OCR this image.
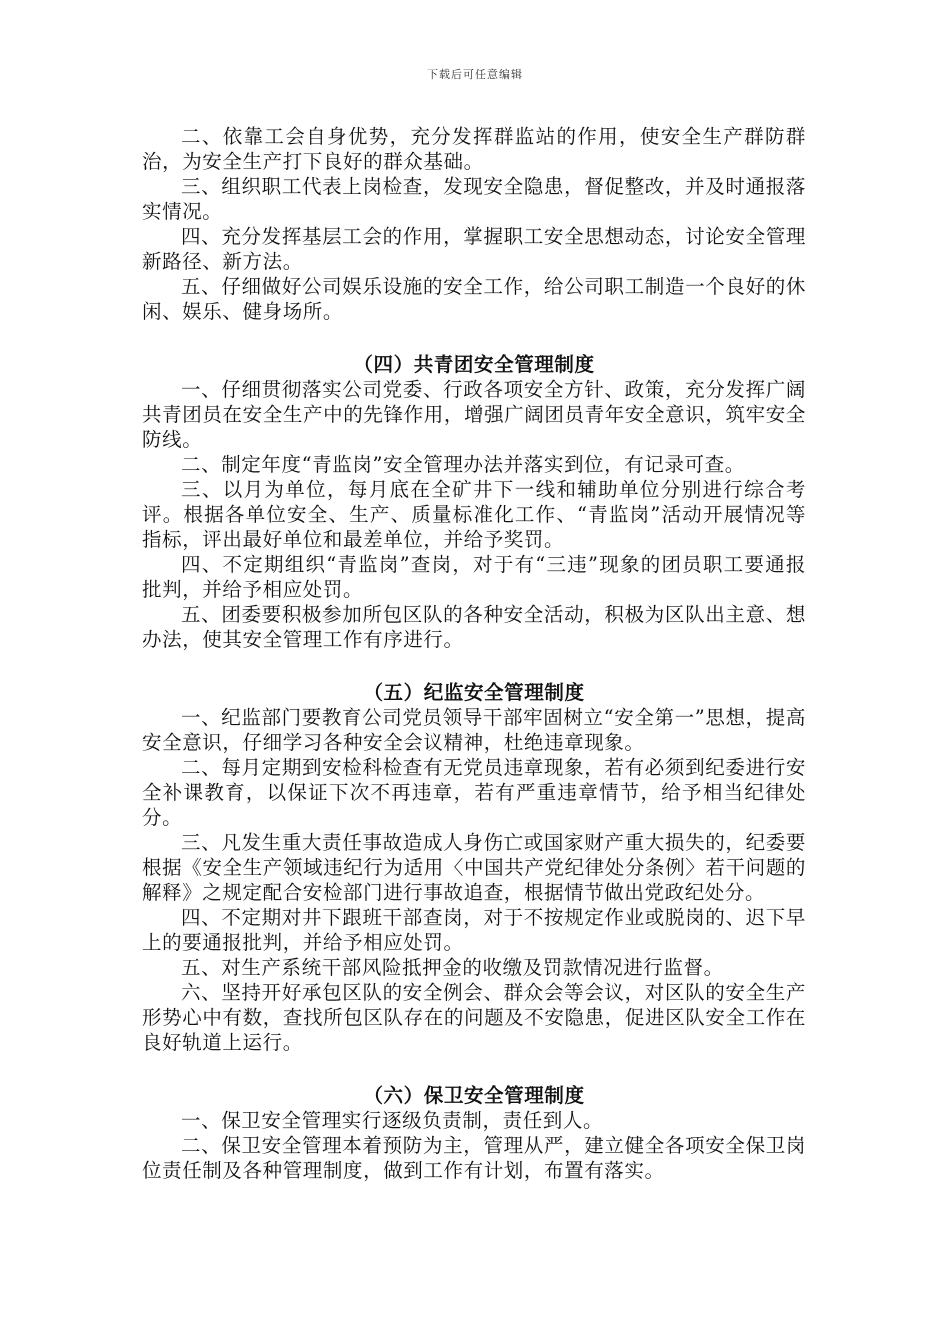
下载后可任意编辑

二、依靠工会自身优势，充分发挥群监站的作用，使安全生产群防群治，为安全生产打下良好的群众基础。

三、组织职工代表上岗检查，发现安全隐患，督促整改，并及时通报落实情况。

四、充分发挥基层工会的作用，掌握职工安全思想动态，讨论安全管理新路径、新方法。

五、仔细做好公司娱乐设施的安全工作，给公司职工制造一个良好的休闲、娱乐、健身场所。

（四）共青团安全管理制度

一、仔细贯彻落实公司党委、行政各项安全方针、政策，充分发挥广阔共青团员在安全生产中的先锋作用，增强广阔团员青年安全意识，筑牢安全防线。

二、制定年度“青监岗”安全管理办法并落实到位，有记录可查。

三、以月为单位，每月底在全矿井下一线和辅助单位分别进行综合考评。根据各单位安全、生产、质量标准化工作、“青监岗”活动开展情况等指标，评出最好单位和最差单位，并给予奖罚。

四、不定期组织“青监岗”查岗，对于有“三违”现象的团员职工要通报批判，并给予相应处罚。

五、团委要积极参加所包区队的各种安全活动，积极为区队出主意、想办法，使其安全管理工作有序进行。

（五）纪监安全管理制度

一、纪监部门要教育公司党员领导干部牢固树立“安全第一”思想，提高安全意识，仔细学习各种安全会议精神，杜绝违章现象。

二、每月定期到安检科检查有无党员违章现象，若有必须到纪委进行安全补课教育，以保证下次不再违章，若有严重违章情节，给予相当纪律处分。

三、凡发生重大责任事故造成人身伤亡或国家财产重大损失的，纪委要根据《安全生产领域违纪行为适用〈中国共产党纪律处分条例〉若干问题的解释》之规定配合安检部门进行事故追查，根据情节做出党政纪处分。

四、不定期对井下跟班干部查岗，对于不按规定作业或脱岗的、迟下早上的要通报批判，并给予相应处罚。

五、对生产系统干部风险抵押金的收缴及罚款情况进行监督。

六、坚持开好承包区队的安全例会、群众会等会议，对区队的安全生产形势心中有数，查找所包区队存在的问题及不安隐患，促进区队安全工作在良好轨道上运行。

（六）保卫安全管理制度

一、保卫安全管理实行逐级负责制，责任到人。

二、保卫安全管理本着预防为主，管理从严，建立健全各项安全保卫岗位责任制及各种管理制度，做到工作有计划，布置有落实。
